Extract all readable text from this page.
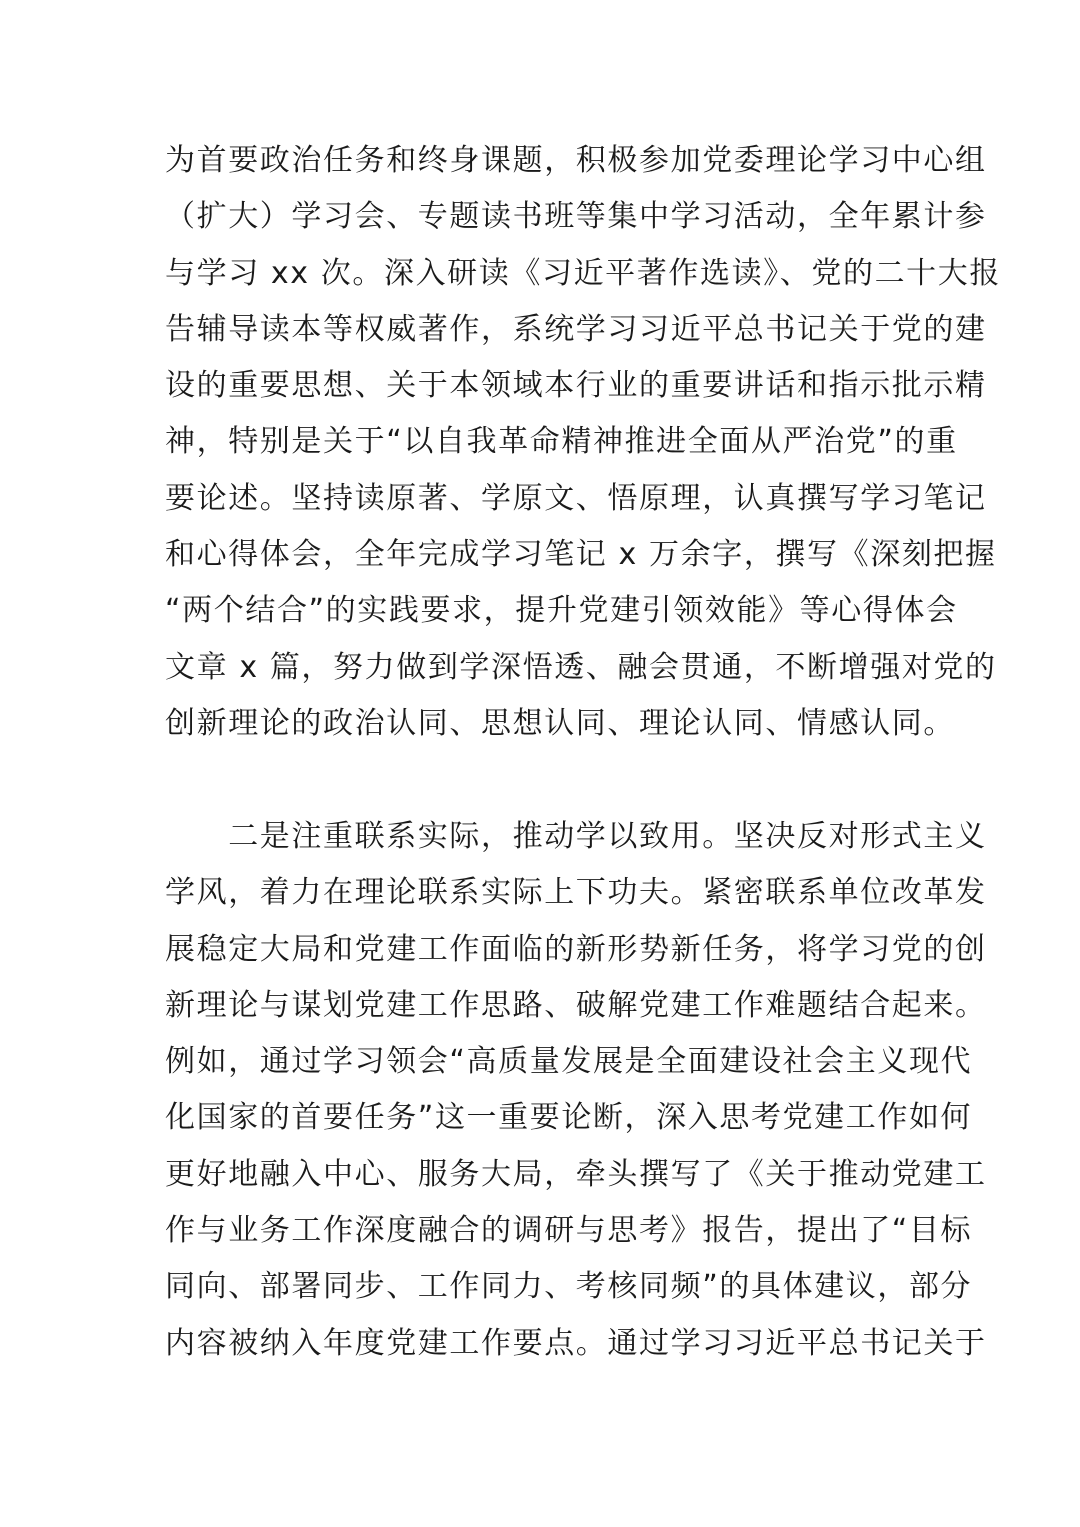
为首要政治任务和终身课题，积极参加党委理论学习中心组
（扩大）学习会、专题读书班等集中学习活动，全年累计参
与学习 xx 次。深入研读《习近平著作选读》、党的二十大报
告辅导读本等权威著作，系统学习习近平总书记关于党的建
设的重要思想、关于本领域本行业的重要讲话和指示批示精
神，特别是关于“以自我革命精神推进全面从严治党”的重
要论述。坚持读原著、学原文、悟原理，认真撰写学习笔记
和心得体会，全年完成学习笔记 x 万余字，撰写《深刻把握
“两个结合”的实践要求，提升党建引领效能》等心得体会
文章 x 篇，努力做到学深悟透、融会贯通，不断增强对党的
创新理论的政治认同、思想认同、理论认同、情感认同。
　　二是注重联系实际，推动学以致用。坚决反对形式主义
学风，着力在理论联系实际上下功夫。紧密联系单位改革发
展稳定大局和党建工作面临的新形势新任务，将学习党的创
新理论与谋划党建工作思路、破解党建工作难题结合起来。
例如，通过学习领会“高质量发展是全面建设社会主义现代
化国家的首要任务”这一重要论断，深入思考党建工作如何
更好地融入中心、服务大局，牵头撰写了《关于推动党建工
作与业务工作深度融合的调研与思考》报告，提出了“目标
同向、部署同步、工作同力、考核同频”的具体建议，部分
内容被纳入年度党建工作要点。通过学习习近平总书记关于
